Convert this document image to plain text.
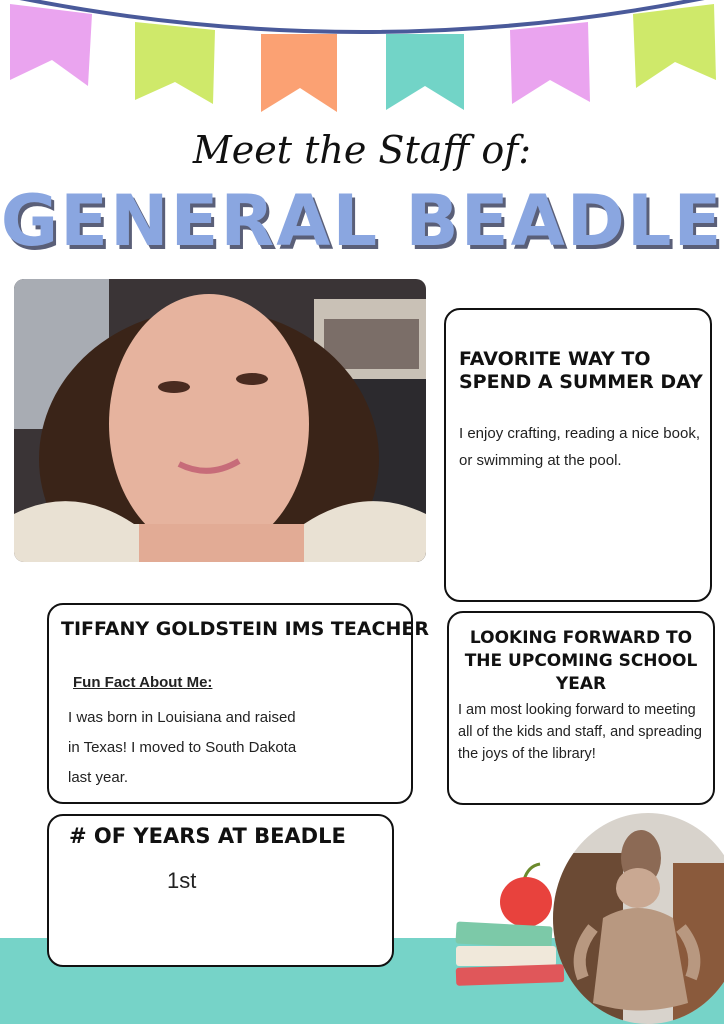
Meet the Staff of:
GENERAL BEADLE
FAVORITE WAY TO SPEND A SUMMER DAY
I enjoy crafting, reading a nice book, or swimming at the pool.
TIFFANY GOLDSTEIN IMS TEACHER
Fun Fact About Me:
I was born in Louisiana and raised
in Texas! I moved to South Dakota
last year.
LOOKING FORWARD TO
THE UPCOMING SCHOOL
YEAR
I am most looking forward to meeting all of the kids and staff, and spreading the joys of the library!
# OF YEARS AT BEADLE
1st
